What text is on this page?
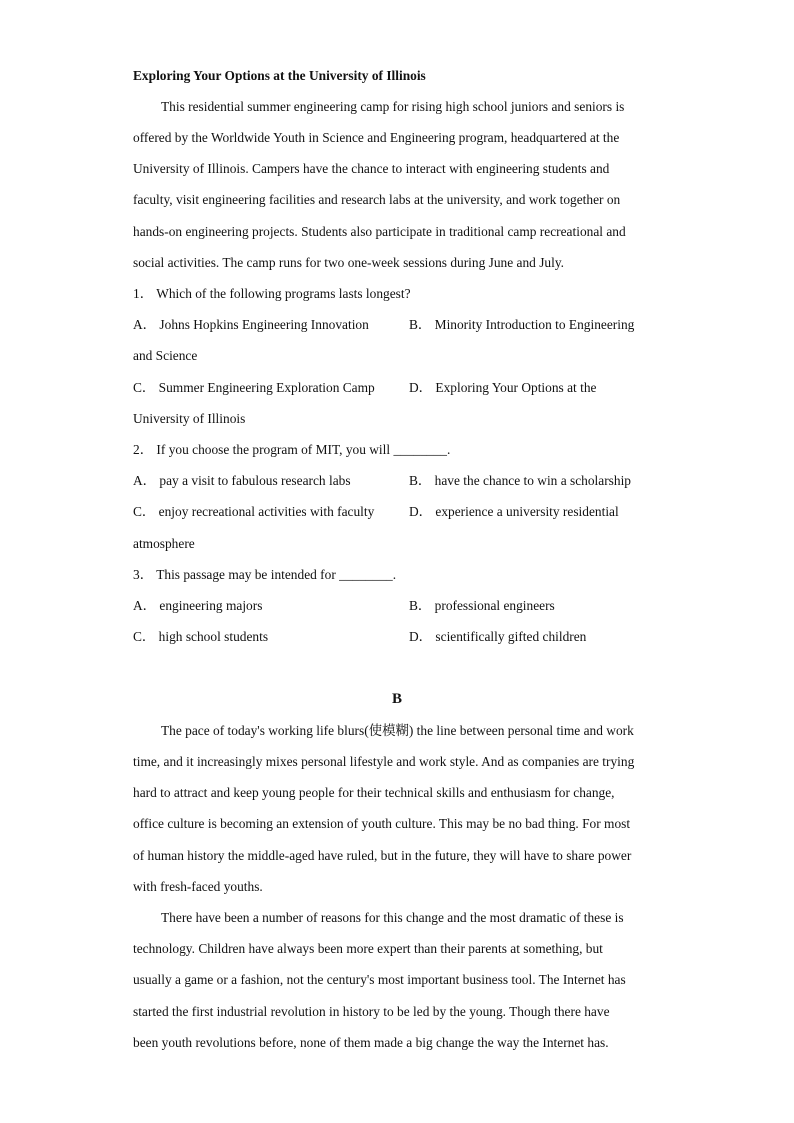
Exploring Your Options at the University of Illinois
This residential summer engineering camp for rising high school juniors and seniors is
offered by the Worldwide Youth in Science and Engineering program, headquartered at the
University of Illinois. Campers have the chance to interact with engineering students and
faculty, visit engineering facilities and research labs at the university, and work together on
hands-on engineering projects. Students also participate in traditional camp recreational and
social activities. The camp runs for two one-week sessions during June and July.
1． Which of the following programs lasts longest?
A． Johns Hopkins Engineering Innovation	B． Minority Introduction to Engineering
and Science
C． Summer Engineering Exploration Camp	D． Exploring Your Options at the
University of Illinois
2． If you choose the program of MIT, you will ________.
A． pay a visit to fabulous research labs	B． have the chance to win a scholarship
C． enjoy recreational activities with faculty	D． experience a university residential
atmosphere
3． This passage may be intended for ________.
A． engineering majors	B． professional engineers
C． high school students	D． scientifically gifted children
B
The pace of today's working life blurs(使模糊) the line between personal time and work
time, and it increasingly mixes personal lifestyle and work style. And as companies are trying
hard to attract and keep young people for their technical skills and enthusiasm for change,
office culture is becoming an extension of youth culture. This may be no bad thing. For most
of human history the middle-aged have ruled, but in the future, they will have to share power
with fresh-faced youths.
There have been a number of reasons for this change and the most dramatic of these is
technology. Children have always been more expert than their parents at something, but
usually a game or a fashion, not the century's most important business tool. The Internet has
started the first industrial revolution in history to be led by the young. Though there have
been youth revolutions before, none of them made a big change the way the Internet has.
